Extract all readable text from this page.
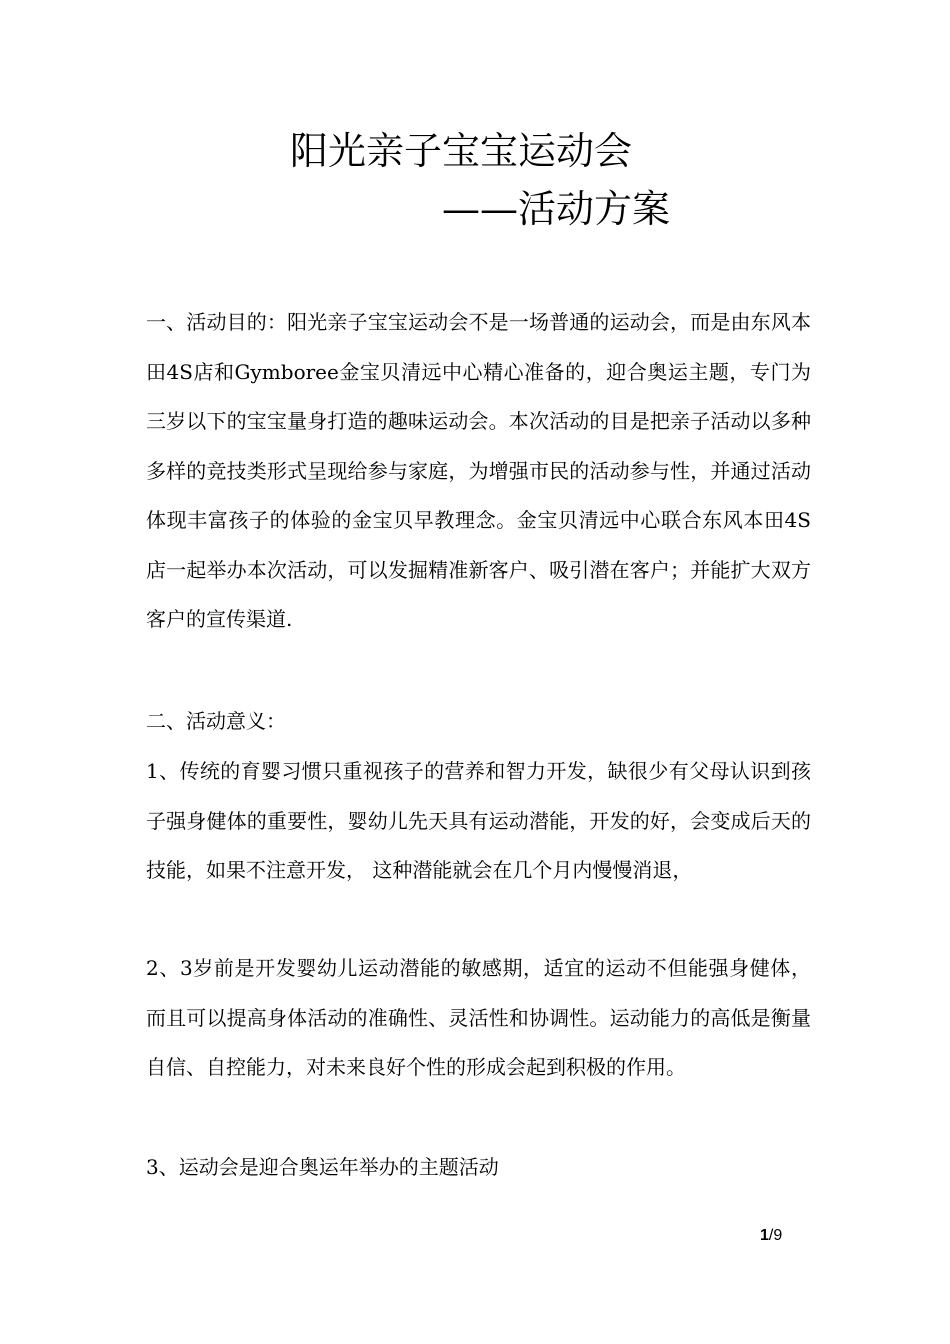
阳光亲子宝宝运动会
——活动方案

一、活动目的：阳光亲子宝宝运动会不是一场普通的运动会，而是由东风本田4S店和Gymboree金宝贝清远中心精心准备的，迎合奥运主题，专门为三岁以下的宝宝量身打造的趣味运动会。本次活动的目是把亲子活动以多种多样的竞技类形式呈现给参与家庭，为增强市民的活动参与性，并通过活动体现丰富孩子的体验的金宝贝早教理念。金宝贝清远中心联合东风本田4S店一起举办本次活动，可以发掘精准新客户、吸引潜在客户；并能扩大双方客户的宣传渠道.

二、活动意义：

1、传统的育婴习惯只重视孩子的营养和智力开发，缺很少有父母认识到孩子强身健体的重要性，婴幼儿先天具有运动潜能，开发的好，会变成后天的技能，如果不注意开发， 这种潜能就会在几个月内慢慢消退，

2、3岁前是开发婴幼儿运动潜能的敏感期，适宜的运动不但能强身健体，而且可以提高身体活动的准确性、灵活性和协调性。运动能力的高低是衡量自信、自控能力，对未来良好个性的形成会起到积极的作用。

3、运动会是迎合奥运年举办的主题活动

1/9
